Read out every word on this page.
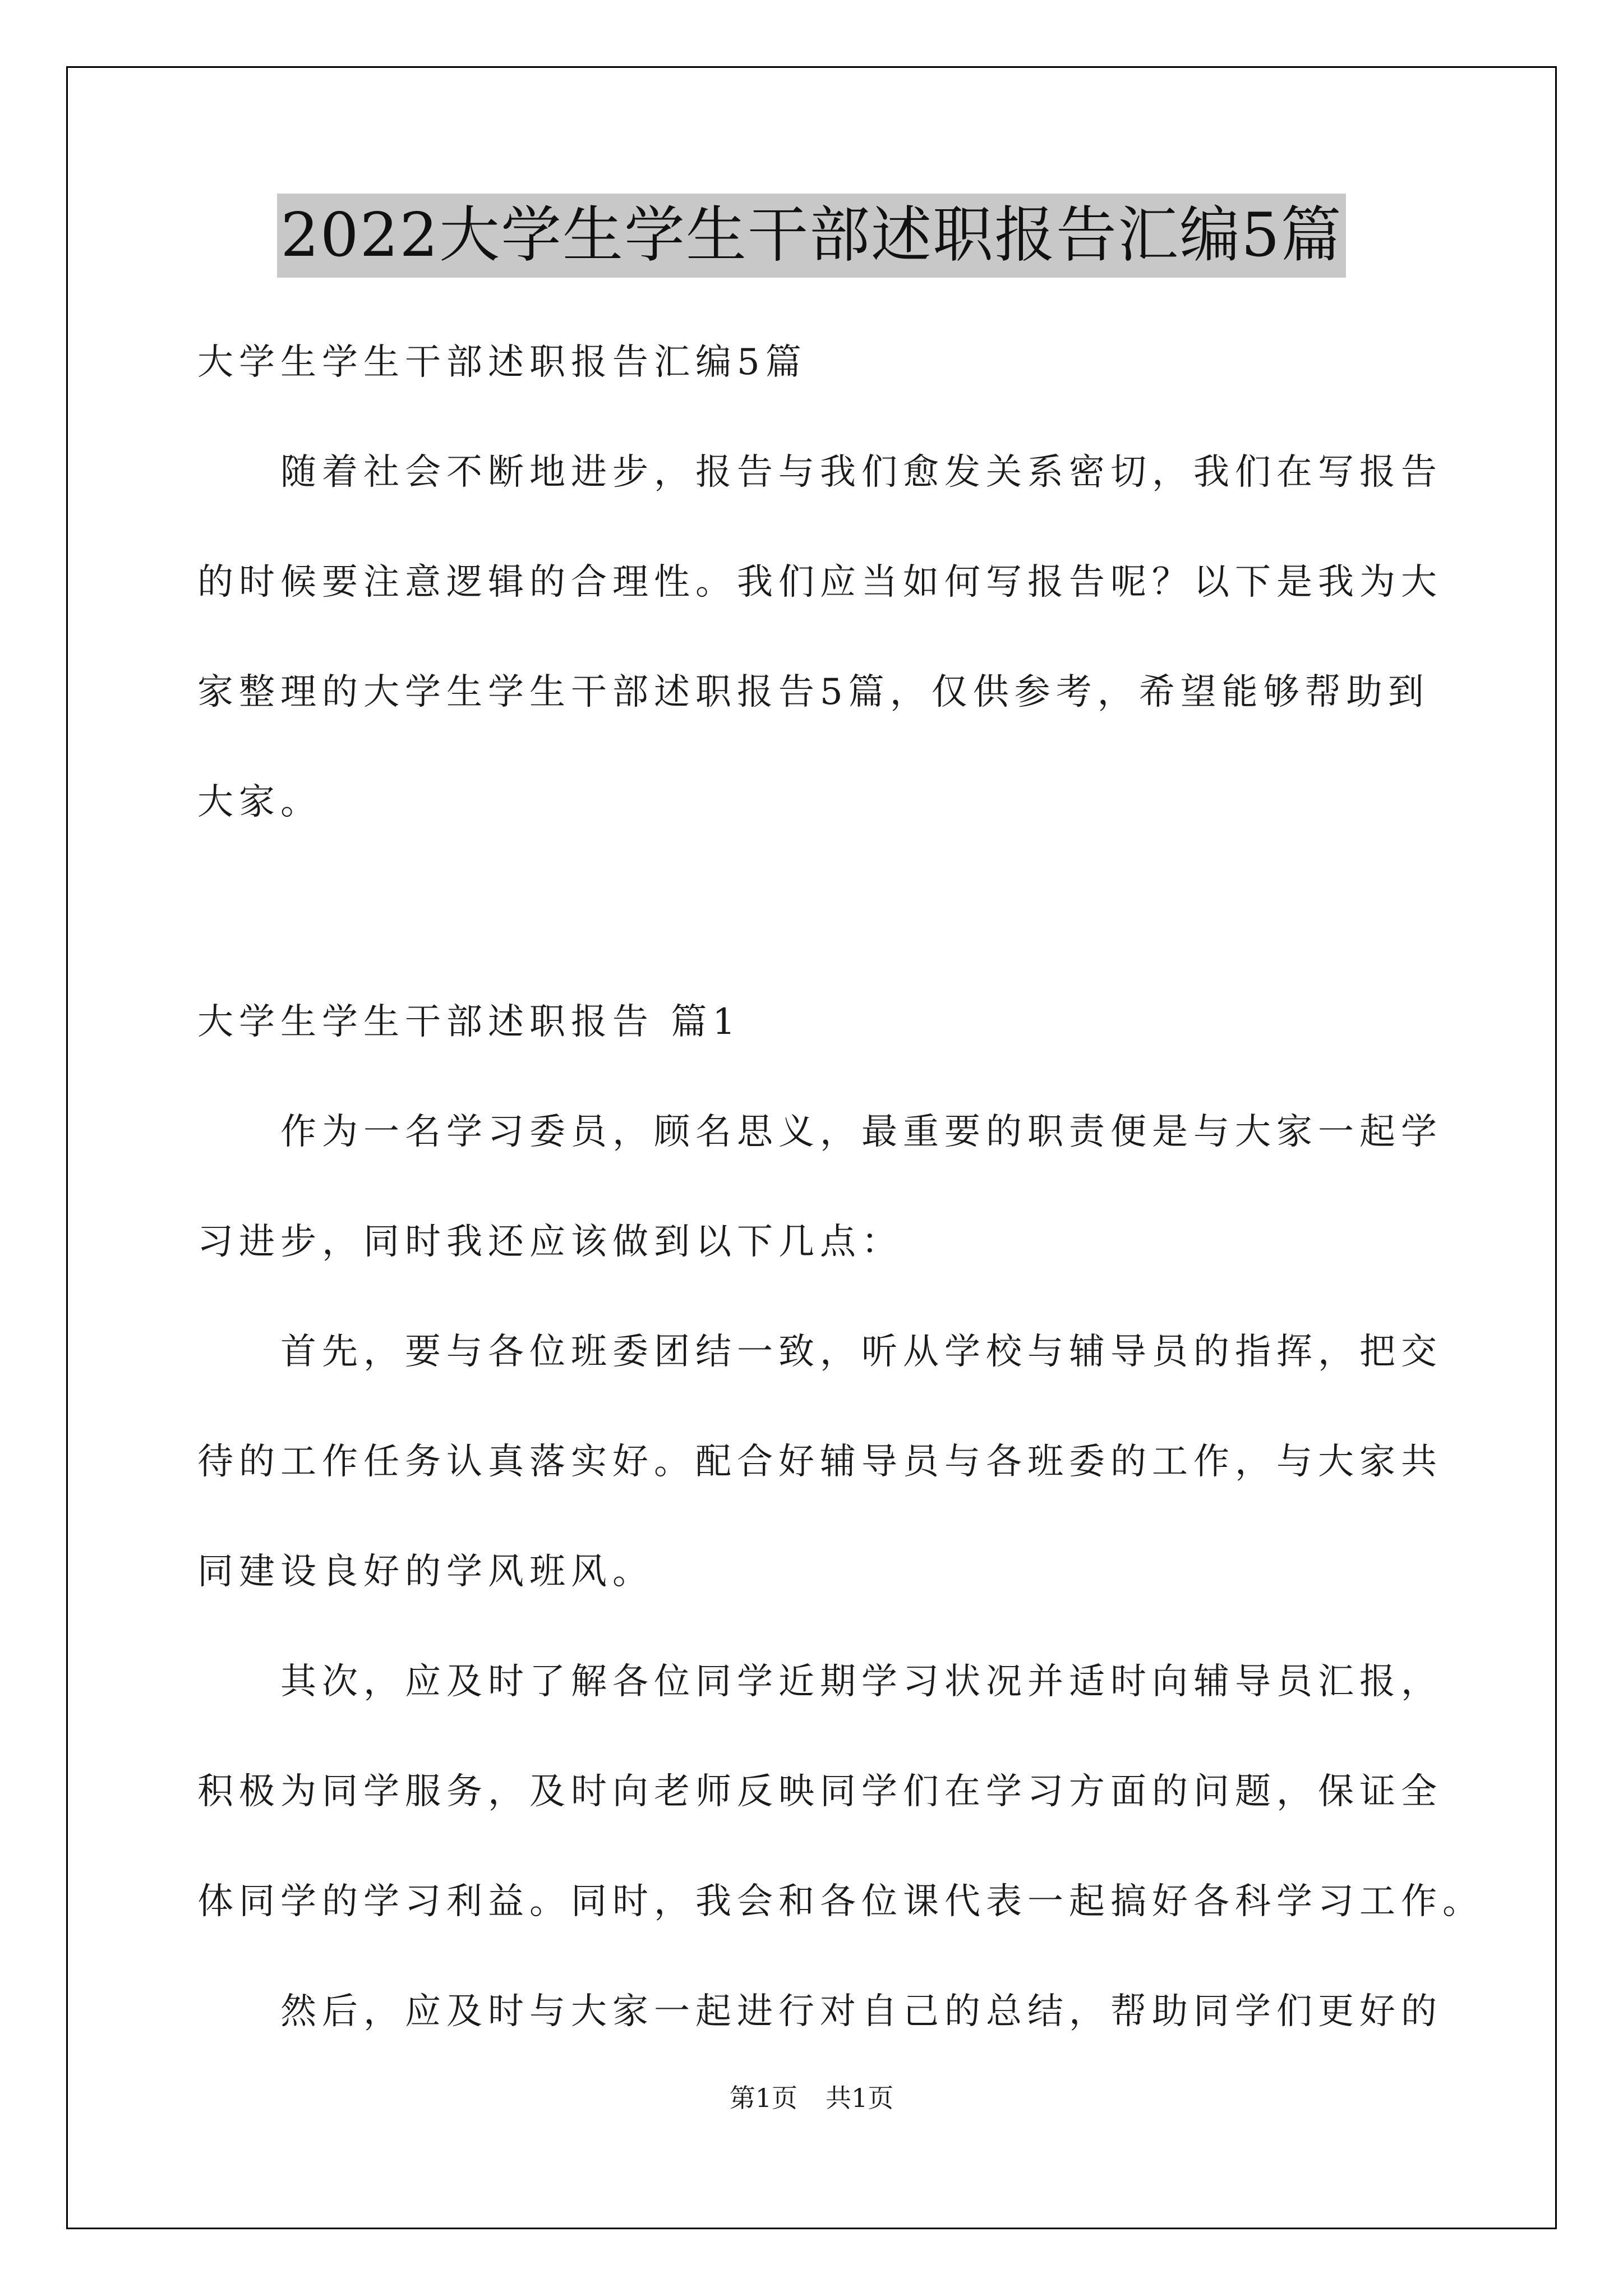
2022大学生学生干部述职报告汇编5篇
大学生学生干部述职报告汇编5篇
随着社会不断地进步，报告与我们愈发关系密切，我们在写报告
的时候要注意逻辑的合理性。我们应当如何写报告呢？以下是我为大
家整理的大学生学生干部述职报告5篇，仅供参考，希望能够帮助到
大家。
大学生学生干部述职报告 篇1
作为一名学习委员，顾名思义，最重要的职责便是与大家一起学
习进步，同时我还应该做到以下几点：
首先，要与各位班委团结一致，听从学校与辅导员的指挥，把交
待的工作任务认真落实好。配合好辅导员与各班委的工作，与大家共
同建设良好的学风班风。
其次，应及时了解各位同学近期学习状况并适时向辅导员汇报，
积极为同学服务，及时向老师反映同学们在学习方面的问题，保证全
体同学的学习利益。同时，我会和各位课代表一起搞好各科学习工作。
然后，应及时与大家一起进行对自己的总结，帮助同学们更好的
第1页 共1页
